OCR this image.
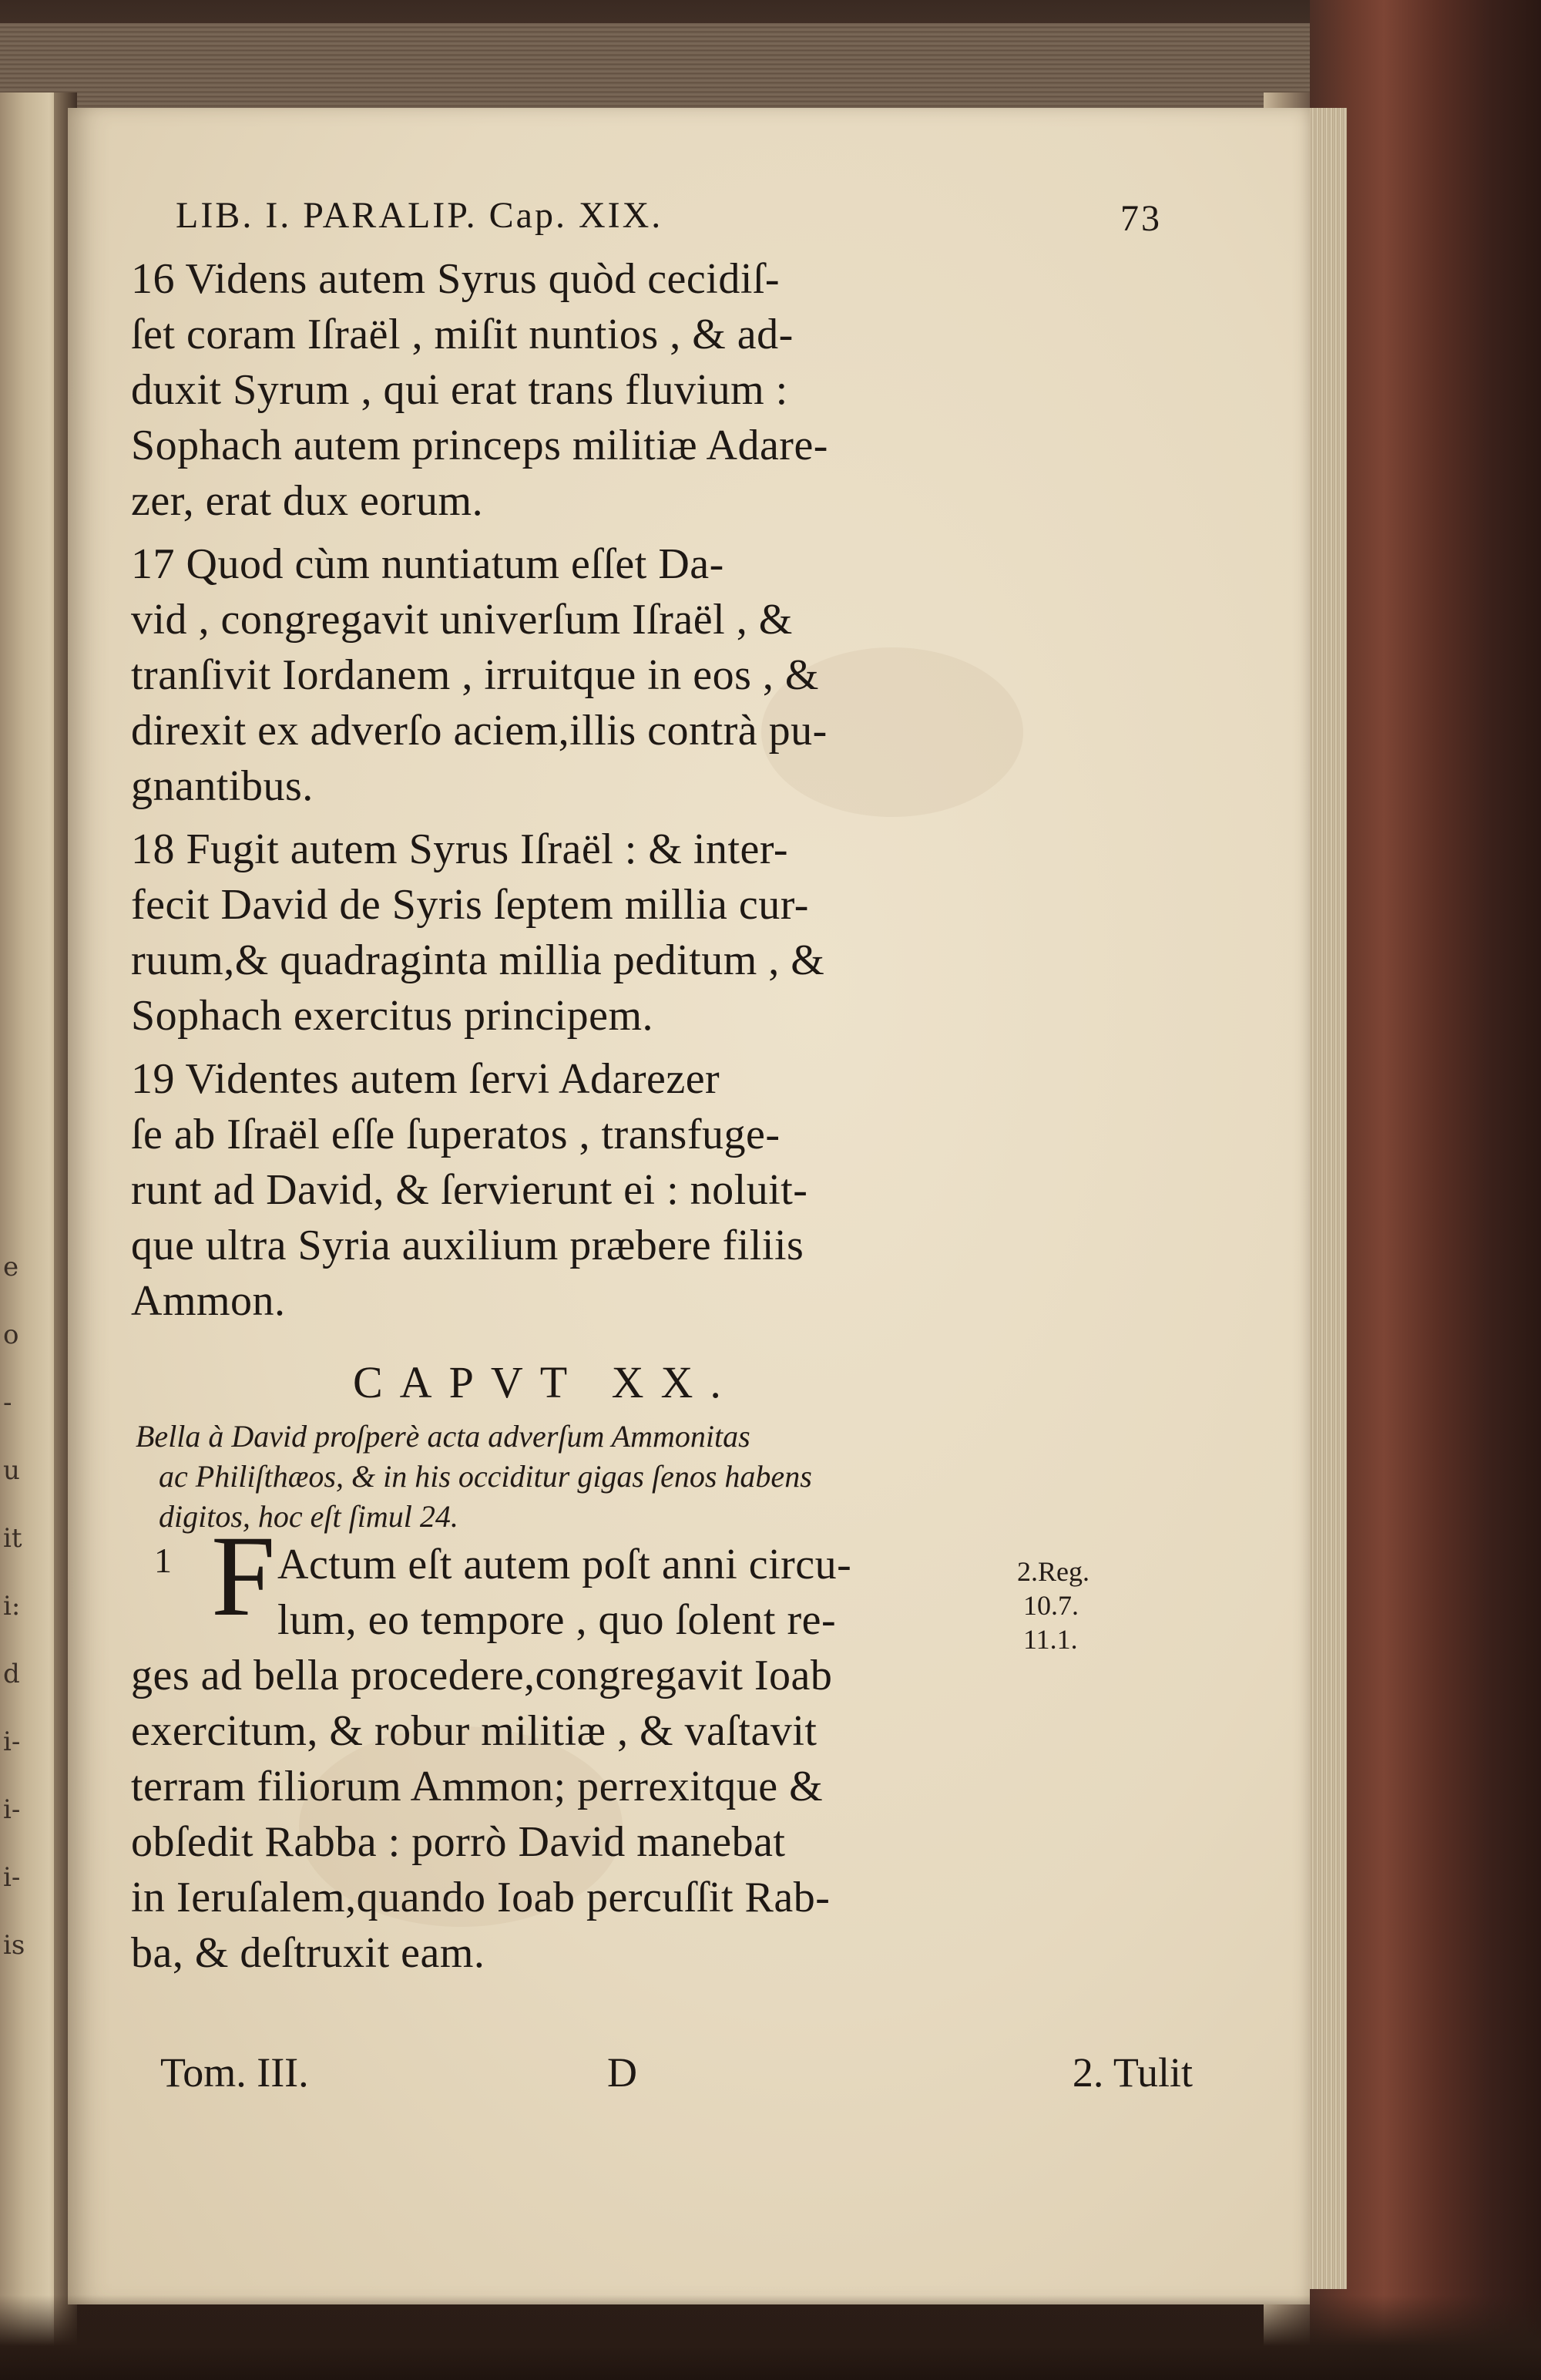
e
o
-
u
it
i:
d
i-
i-
i-
is
LIB. I. PARALIP. Cap. XIX.	73
16 Videns autem Syrus quòd cecidiſ-
ſet coram Iſraël , miſit nuntios , & ad-
duxit Syrum , qui erat trans fluvium :
Sophach autem princeps militiæ Adare-
zer, erat dux eorum.
17 Quod cùm nuntiatum eſſet Da-
vid , congregavit univerſum Iſraël , &
tranſivit Iordanem , irruitque in eos , &
direxit ex adverſo aciem,illis contrà pu-
gnantibus.
18 Fugit autem Syrus Iſraël : & inter-
fecit David de Syris ſeptem millia cur-
ruum,& quadraginta millia peditum , &
Sophach exercitus principem.
19 Videntes autem ſervi Adarezer
ſe ab Iſraël eſſe ſuperatos , transfuge-
runt ad David, & ſervierunt ei : noluit-
que ultra Syria auxilium præbere filiis
Ammon.
CAPVT XX.
Bella à David proſperè acta adverſum Ammonitas
ac Philiſthæos, & in his occiditur gigas ſenos habens
digitos, hoc eſt ſimul 24.
1 F Actum eſt autem poſt anni circu-
lum, eo tempore , quo ſolent re-
ges ad bella procedere,congregavit Ioab
exercitum, & robur militiæ , & vaſtavit
terram filiorum Ammon; perrexitque &
obſedit Rabba : porrò David manebat
in Ieruſalem,quando Ioab percuſſit Rab-
ba, & deſtruxit eam.
2.Reg.
10.7.
11.1.
Tom. III.	D	2. Tulit
